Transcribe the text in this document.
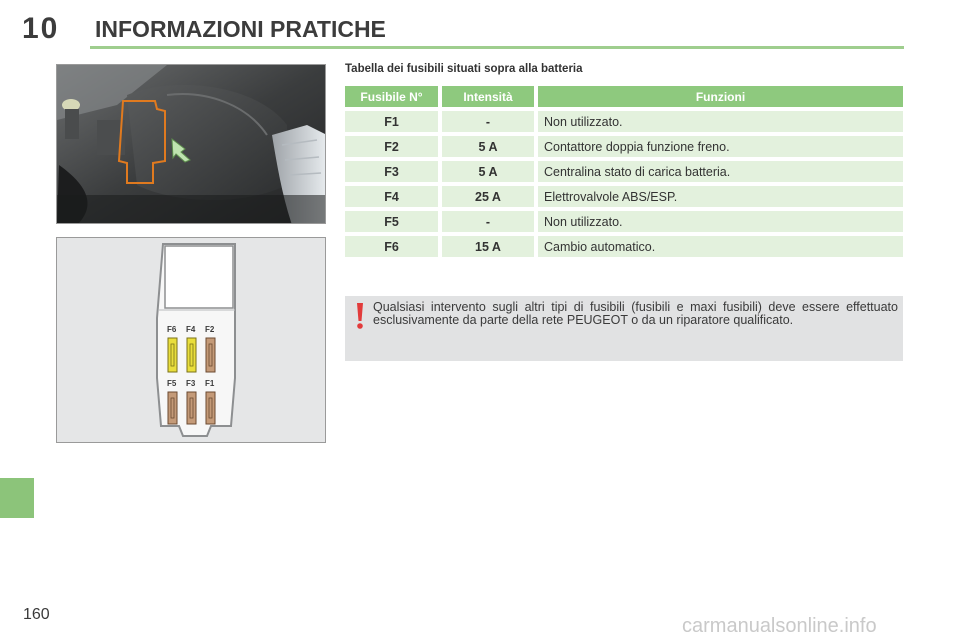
10 INFORMAZIONI PRATICHE
F6 F4 F2
F5 F3 F1
Tabella dei fusibili situati sopra alla batteria
Fusibile N°	Intensità	Funzioni

F1	-	Non utilizzato.

F2	5 A	Contattore doppia funzione freno.

F3	5 A	Centralina stato di carica batteria.

F4	25 A	Elettrovalvole ABS/ESP.

F5	-	Non utilizzato.

F6	15 A	Cambio automatico.
Qualsiasi intervento sugli altri tipi di fusibili (fusibili e maxi fusibili) deve essere effettuato esclusivamente da parte della rete PEUGEOT o da un riparatore qualificato.
160
carmanualsonline.info
